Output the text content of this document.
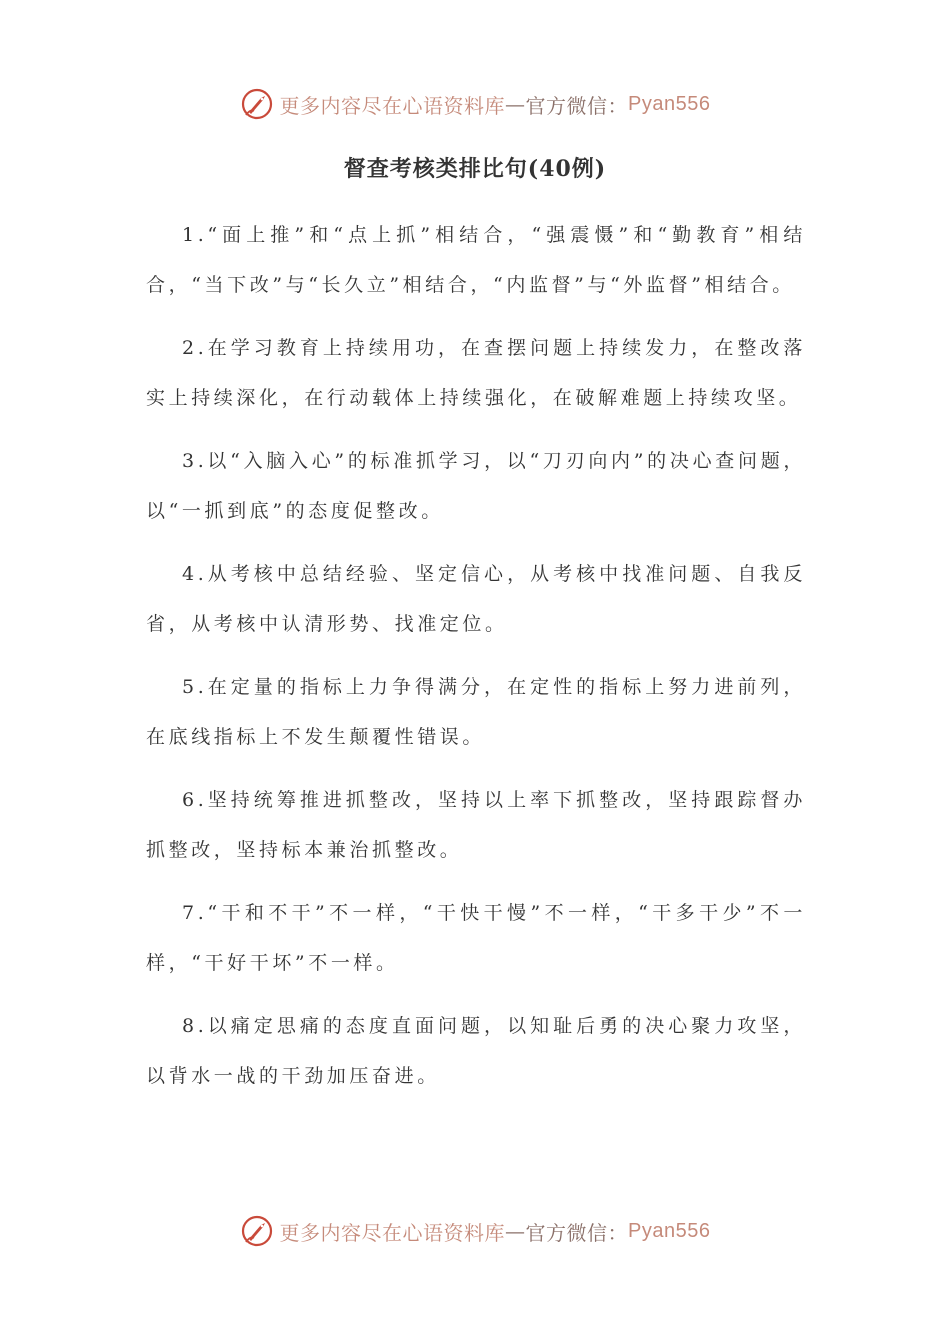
更多内容尽在心语资料库 — 官方微信： Pyan556
督查考核类排比句(40例)

1.“面上推”和“点上抓”相结合，“强震慑”和“勤教育”相结合，“当下改”与“长久立”相结合，“内监督”与“外监督”相结合。

2.在学习教育上持续用功，在查摆问题上持续发力，在整改落实上持续深化，在行动载体上持续强化，在破解难题上持续攻坚。

3.以“入脑入心”的标准抓学习，以“刀刃向内”的决心查问题，以“一抓到底”的态度促整改。

4.从考核中总结经验、坚定信心，从考核中找准问题、自我反省，从考核中认清形势、找准定位。

5.在定量的指标上力争得满分，在定性的指标上努力进前列，在底线指标上不发生颠覆性错误。

6.坚持统筹推进抓整改，坚持以上率下抓整改，坚持跟踪督办抓整改，坚持标本兼治抓整改。

7.“干和不干”不一样，“干快干慢”不一样，“干多干少”不一样，“干好干坏”不一样。

8.以痛定思痛的态度直面问题，以知耻后勇的决心聚力攻坚，以背水一战的干劲加压奋进。

更多内容尽在心语资料库 — 官方微信： Pyan556
